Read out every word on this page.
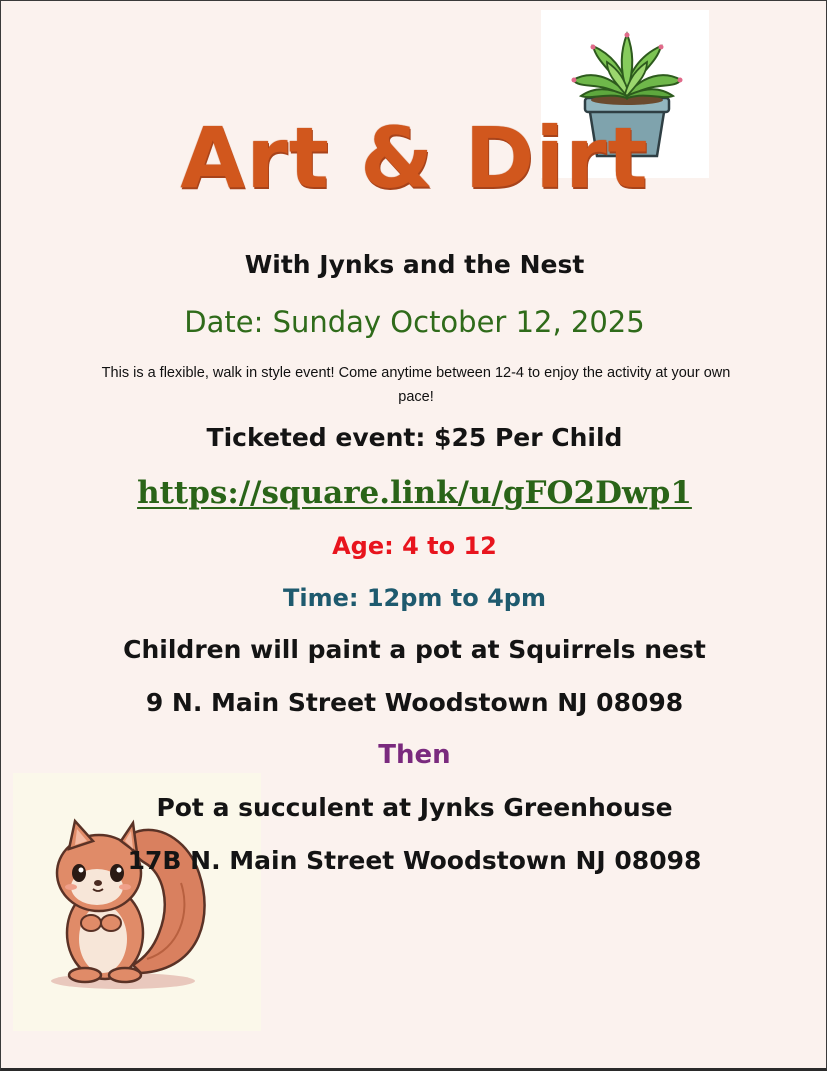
Art & Dirt

With Jynks and the Nest

Date: Sunday October 12, 2025

This is a flexible, walk in style event! Come anytime between 12-4 to enjoy the activity at your own pace!

Ticketed event: $25 Per Child

https://square.link/u/gFO2Dwp1

Age: 4 to 12

Time: 12pm to 4pm

Children will paint a pot at Squirrels nest

9 N. Main Street Woodstown NJ 08098

Then

Pot a succulent at Jynks Greenhouse

17B N. Main Street Woodstown NJ 08098
